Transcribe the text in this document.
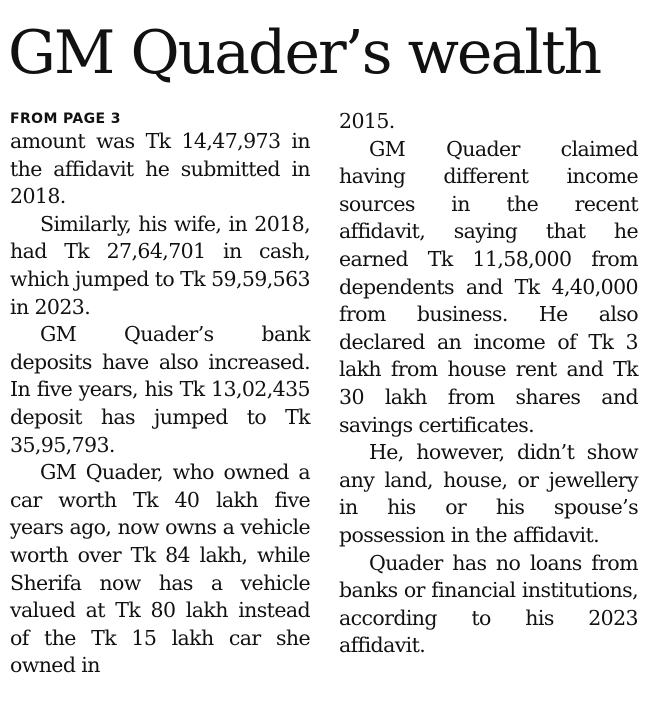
GM Quader’s wealth
FROM PAGE 3

amount was Tk 14,47,973 in the affidavit he submitted in 2018.

Similarly, his wife, in 2018, had Tk 27,64,701 in cash, which jumped to Tk 59,59,563 in 2023.

GM Quader’s bank deposits have also increased. In five years, his Tk 13,02,435 deposit has jumped to Tk 35,95,793.

GM Quader, who owned a car worth Tk 40 lakh five years ago, now owns a vehicle worth over Tk 84 lakh, while Sherifa now has a vehicle valued at Tk 80 lakh instead of the Tk 15 lakh car she owned in

2015.

GM Quader claimed having different income sources in the recent affidavit, saying that he earned Tk 11,58,000 from dependents and Tk 4,40,000 from business. He also declared an income of Tk 3 lakh from house rent and Tk 30 lakh from shares and savings certificates.

He, however, didn’t show any land, house, or jewellery in his or his spouse’s possession in the affidavit.

Quader has no loans from banks or financial institutions, according to his 2023 affidavit.
